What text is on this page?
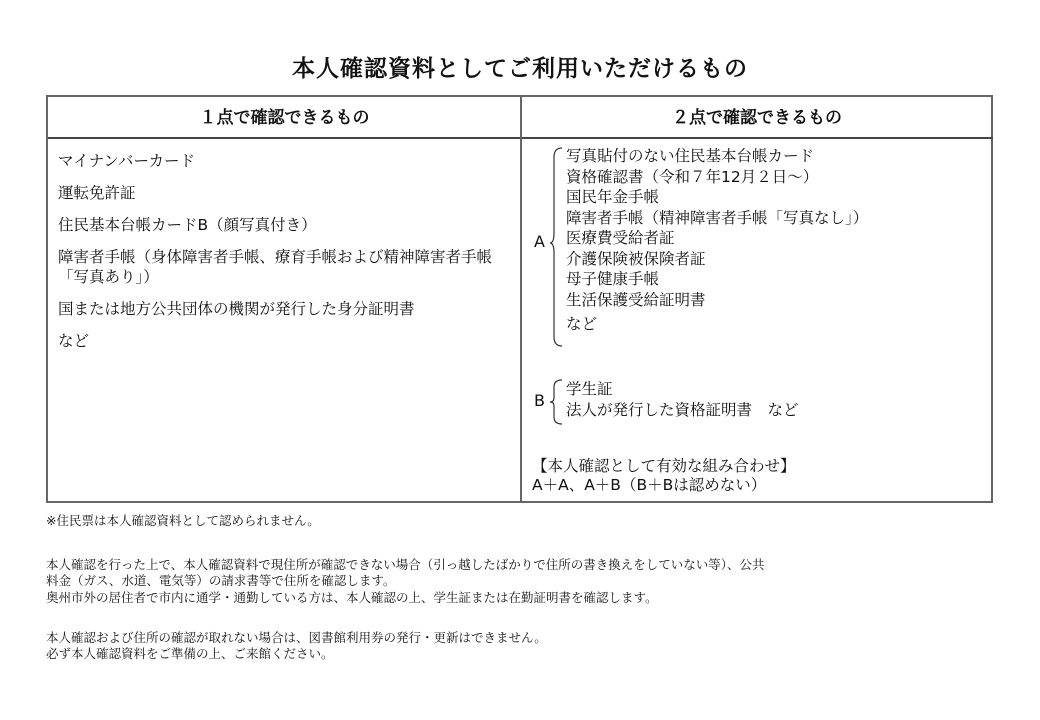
本人確認資料としてご利用いただけるもの
１点で確認できるもの	２点で確認できるもの
マイナンバーカード
運転免許証
住民基本台帳カードB（顔写真付き）
障害者手帳（身体障害者手帳、療育手帳および精神障害者手帳「写真あり」）
国または地方公共団体の機関が発行した身分証明書
など
A
写真貼付のない住民基本台帳カード
資格確認書（令和７年12月２日～）
国民年金手帳
障害者手帳（精神障害者手帳「写真なし」）
医療費受給者証
介護保険被保険者証
母子健康手帳
生活保護受給証明書
など
B
学生証
法人が発行した資格証明書　など
【本人確認として有効な組み合わせ】
A＋A、A＋B（B＋Bは認めない）
※住民票は本人確認資料として認められません。
本人確認を行った上で、本人確認資料で現住所が確認できない場合（引っ越したばかりで住所の書き換えをしていない等）、公共
料金（ガス、水道、電気等）の請求書等で住所を確認します。
奥州市外の居住者で市内に通学・通勤している方は、本人確認の上、学生証または在勤証明書を確認します。
本人確認および住所の確認が取れない場合は、図書館利用券の発行・更新はできません。
必ず本人確認資料をご準備の上、ご来館ください。
